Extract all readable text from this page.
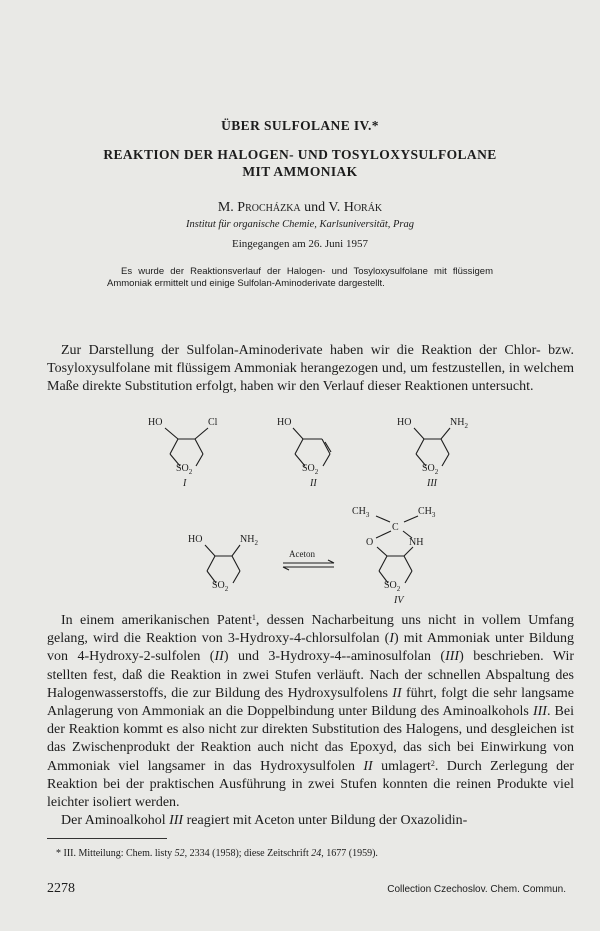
ÜBER SULFOLANE IV.*
REAKTION DER HALOGEN- UND TOSYLOXYSULFOLANE
MIT AMMONIAK
M. Procházka und V. Horák
Institut für organische Chemie, Karlsuniversität, Prag
Eingegangen am 26. Juni 1957
Es wurde der Reaktionsverlauf der Halogen- und Tosyloxysulfolane mit flüssigem Ammoniak ermittelt und einige Sulfolan-Aminoderivate dargestellt.
Zur Darstellung der Sulfolan-Aminoderivate haben wir die Reaktion der Chlor- bzw. Tosyloxysulfolane mit flüssigem Ammoniak herangezogen und, um festzustellen, in welchem Maße direkte Substitution erfolgt, haben wir den Verlauf dieser Reaktionen untersucht.
HO	Cl
$SO_2$
I
HO
$SO_2$
II
HO	$NH_2$
$SO_2$
III
HO	$NH_2$
$SO_2$
Aceton
$CH_3$	$CH_3$
C
O	NH
$SO_2$
IV

In einem amerikanischen Patent$^1$, dessen Nacharbeitung uns nicht in vollem Umfang gelang, wird die Reaktion von 3-Hydroxy-4-chlorsulfolan (I) mit Ammoniak unter Bildung von 4-Hydroxy-2-sulfolen (II) und 3-Hydroxy-4--aminosulfolan (III) beschrieben. Wir stellten fest, daß die Reaktion in zwei Stufen verläuft. Nach der schnellen Abspaltung des Halogenwasserstoffs, die zur Bildung des Hydroxysulfolens II führt, folgt die sehr langsame Anlagerung von Ammoniak an die Doppelbindung unter Bildung des Aminoalkohols III. Bei der Reaktion kommt es also nicht zur direkten Substitution des Halogens, und desgleichen ist das Zwischenprodukt der Reaktion auch nicht das Epoxyd, das sich bei Einwirkung von Ammoniak viel langsamer in das Hydroxysulfolen II umlagert$^2$. Durch Zerlegung der Reaktion bei der praktischen Ausführung in zwei Stufen konnten die reinen Produkte viel leichter isoliert werden.

Der Aminoalkohol III reagiert mit Aceton unter Bildung der Oxazolidin-

* III. Mitteilung: Chem. listy 52, 2334 (1958); diese Zeitschrift 24, 1677 (1959).
2278	Collection Czechoslov. Chem. Commun.
